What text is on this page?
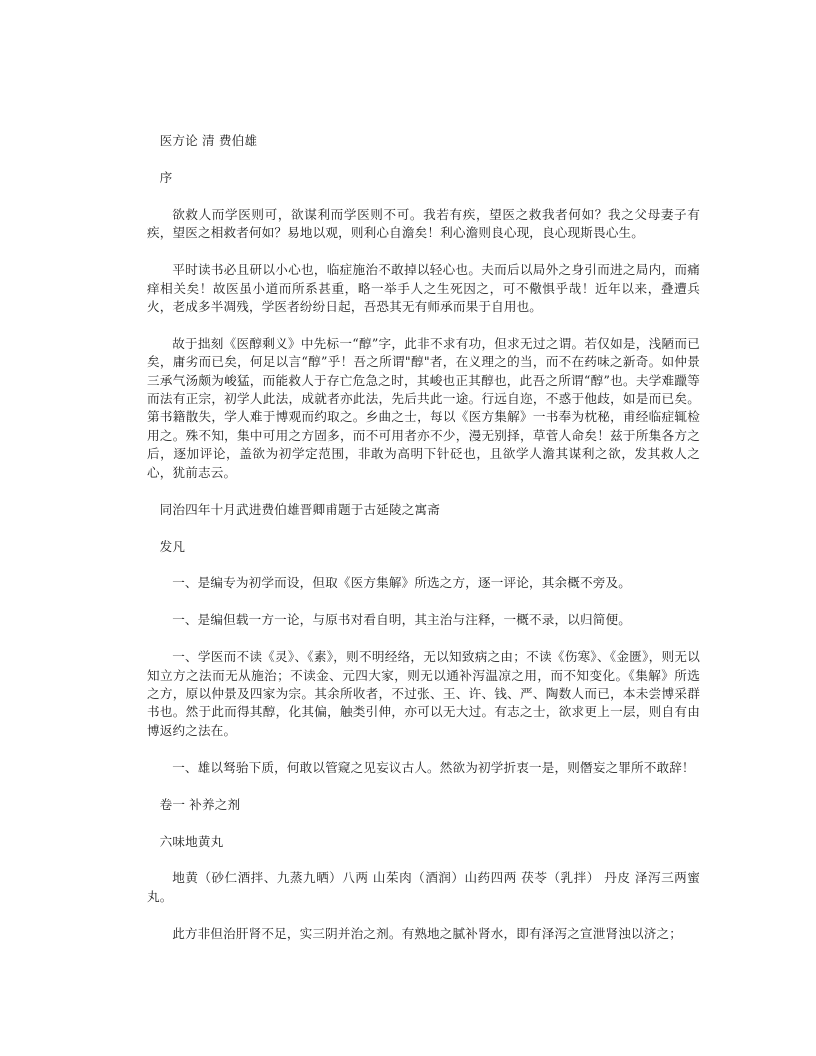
医方论 清 费伯雄
序
欲救人而学医则可，欲谋利而学医则不可。我若有疾，望医之救我者何如？我之父母妻子有疾，望医之相救者何如？易地以观，则利心自澹矣！利心澹则良心现，良心现斯畏心生。
平时读书必且研以小心也，临症施治不敢掉以轻心也。夫而后以局外之身引而进之局内，而痛痒相关矣！故医虽小道而所系甚重，略一举手人之生死因之，可不儆惧乎哉！近年以来，叠遭兵火，老成多半凋残，学医者纷纷日起，吾恐其无有师承而果于自用也。
故于拙刻《医醇剩义》中先标一“醇”字，此非不求有功，但求无过之谓。若仅如是，浅陋而已矣，庸劣而已矣，何足以言“醇”乎！吾之所谓"醇"者，在义理之的当，而不在药味之新奇。如仲景三承气汤颇为峻猛，而能救人于存亡危急之时，其峻也正其醇也，此吾之所谓“醇”也。夫学难躐等而法有正宗，初学人此法，成就者亦此法，先后共此一途。行远自迩，不惑于他歧，如是而已矣。第书籍散失，学人难于博观而约取之。乡曲之士，每以《医方集解》一书奉为枕秘，甫经临症辄检用之。殊不知，集中可用之方固多，而不可用者亦不少，漫无别择，草菅人命矣！兹于所集各方之后，逐加评论，盖欲为初学定范围，非敢为高明下针砭也，且欲学人澹其谋利之欲，发其救人之心，犹前志云。
同治四年十月武进费伯雄晋卿甫题于古延陵之寓斋
发凡
一、是编专为初学而设，但取《医方集解》所选之方，逐一评论，其余概不旁及。
一、是编但载一方一论，与原书对看自明，其主治与注释，一概不录，以归简便。
一、学医而不读《灵》、《素》，则不明经络，无以知致病之由；不读《伤寒》、《金匮》，则无以知立方之法而无从施治；不读金、元四大家，则无以通补泻温凉之用，而不知变化。《集解》所选之方，原以仲景及四家为宗。其余所收者，不过张、王、许、钱、严、陶数人而已，本未尝博采群书也。然于此而得其醇，化其偏，触类引伸，亦可以无大过。有志之士，欲求更上一层，则自有由博返约之法在。
一、雄以驽骀下质，何敢以管窥之见妄议古人。然欲为初学折衷一是，则僭妄之罪所不敢辞！
卷一 补养之剂
六味地黄丸
地黄（砂仁酒拌、九蒸九晒）八两 山茱肉（酒润）山药四两 茯苓（乳拌） 丹皮 泽泻三两蜜丸。
此方非但治肝肾不足，实三阴并治之剂。有熟地之腻补肾水，即有泽泻之宣泄肾浊以济之；
